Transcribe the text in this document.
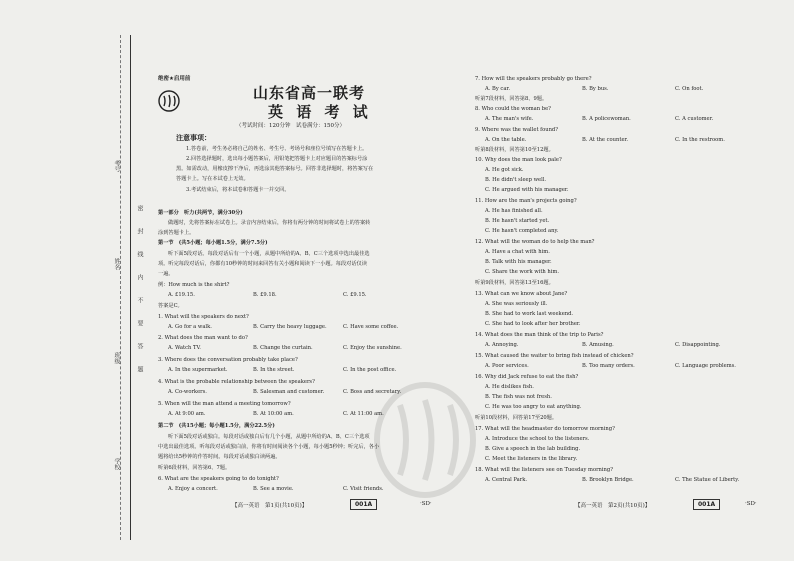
考号
姓名
班级
学校
密
封
线
内
不
要
答
题
绝密★启用前
山东省高一联考
英 语 考 试
（考试时间：120分钟　试卷满分：150分）
注意事项：
1.答卷前，考生务必将自己的姓名、考生号、考场号和座位号填写在答题卡上。
2.回答选择题时，选出每小题答案后，用铅笔把答题卡上对应题目的答案标号涂
黑。如需改动，用橡皮擦干净后，再选涂其他答案标号。回答非选择题时，将答案写在
答题卡上。写在本试卷上无效。
3.考试结束后，将本试卷和答题卡一并交回。
第一部分　听力(共两节，满分30分)
做题时，先将答案标在试卷上。录音内容结束后，你将有两分钟的时间将试卷上的答案转
涂到答题卡上。
第一节　(共5小题；每小题1.5分，满分7.5分)
听下面5段对话。每段对话后有一个小题，从题中所给的A、B、C三个选项中选出最佳选
项。听完每段对话后，你都有10秒钟的时间来回答有关小题和阅读下一小题。每段对话仅读
一遍。
例：How much is the shirt?
A. £19.15.	B. £9.18.	C. £9.15.
答案是C。
1. What will the speakers do next?
A. Go for a walk.	B. Carry the heavy luggage.	C. Have some coffee.
2. What does the man want to do?
A. Watch TV.	B. Change the curtain.	C. Enjoy the sunshine.
3. Where does the conversation probably take place?
A. In the supermarket.	B. In the street.	C. In the post office.
4. What is the probable relationship between the speakers?
A. Co-workers.	B. Salesman and customer.	C. Boss and secretary.
5. When will the man attend a meeting tomorrow?
A. At 9:00 am.	B. At 10:00 am.	C. At 11:00 am.
第二节　(共15小题；每小题1.5分，满分22.5分)
听下面5段对话或独白。每段对话或独白后有几个小题，从题中所给的A、B、C三个选项
中选出最佳选项。听每段对话或独白前，你将有时间阅读各个小题，每小题5秒钟；听完后，各小
题将给出5秒钟的作答时间。每段对话或独白读两遍。
听第6段材料，回答第6、7题。
6. What are the speakers going to do tonight?
A. Enjoy a concert.	B. See a movie.	C. Visit friends.
7. How will the speakers probably go there?
A. By car.	B. By bus.	C. On foot.
听第7段材料，回答第8、9题。
8. Who could the woman be?
A. The man's wife.	B. A policewoman.	C. A customer.
9. Where was the wallet found?
A. On the table.	B. At the counter.	C. In the restroom.
听第8段材料，回答第10至12题。
10. Why does the man look pale?
A. He got sick.
B. He didn't sleep well.
C. He argued with his manager.
11. How are the man's projects going?
A. He has finished all.
B. He hasn't started yet.
C. He hasn't completed any.
12. What will the woman do to help the man?
A. Have a chat with him.
B. Talk with his manager.
C. Share the work with him.
听第9段材料，回答第13至16题。
13. What can we know about Jane?
A. She was seriously ill.
B. She had to work last weekend.
C. She had to look after her brother.
14. What does the man think of the trip to Paris?
A. Annoying.	B. Amusing.	C. Disappointing.
15. What caused the waiter to bring fish instead of chicken?
A. Poor services.	B. Too many orders.	C. Language problems.
16. Why did Jack refuse to eat the fish?
A. He dislikes fish.
B. The fish was not fresh.
C. He was too angry to eat anything.
听第10段材料，回答第17至20题。
17. What will the headmaster do tomorrow morning?
A. Introduce the school to the listeners.
B. Give a speech in the lab building.
C. Meet the listeners in the library.
18. What will the listeners see on Tuesday morning?
A. Central Park.	B. Brooklyn Bridge.	C. The Statue of Liberty.
【高一英语　第1页(共10页)】	001A	·SD·	【高一英语　第2页(共10页)】	001A	·SD·
